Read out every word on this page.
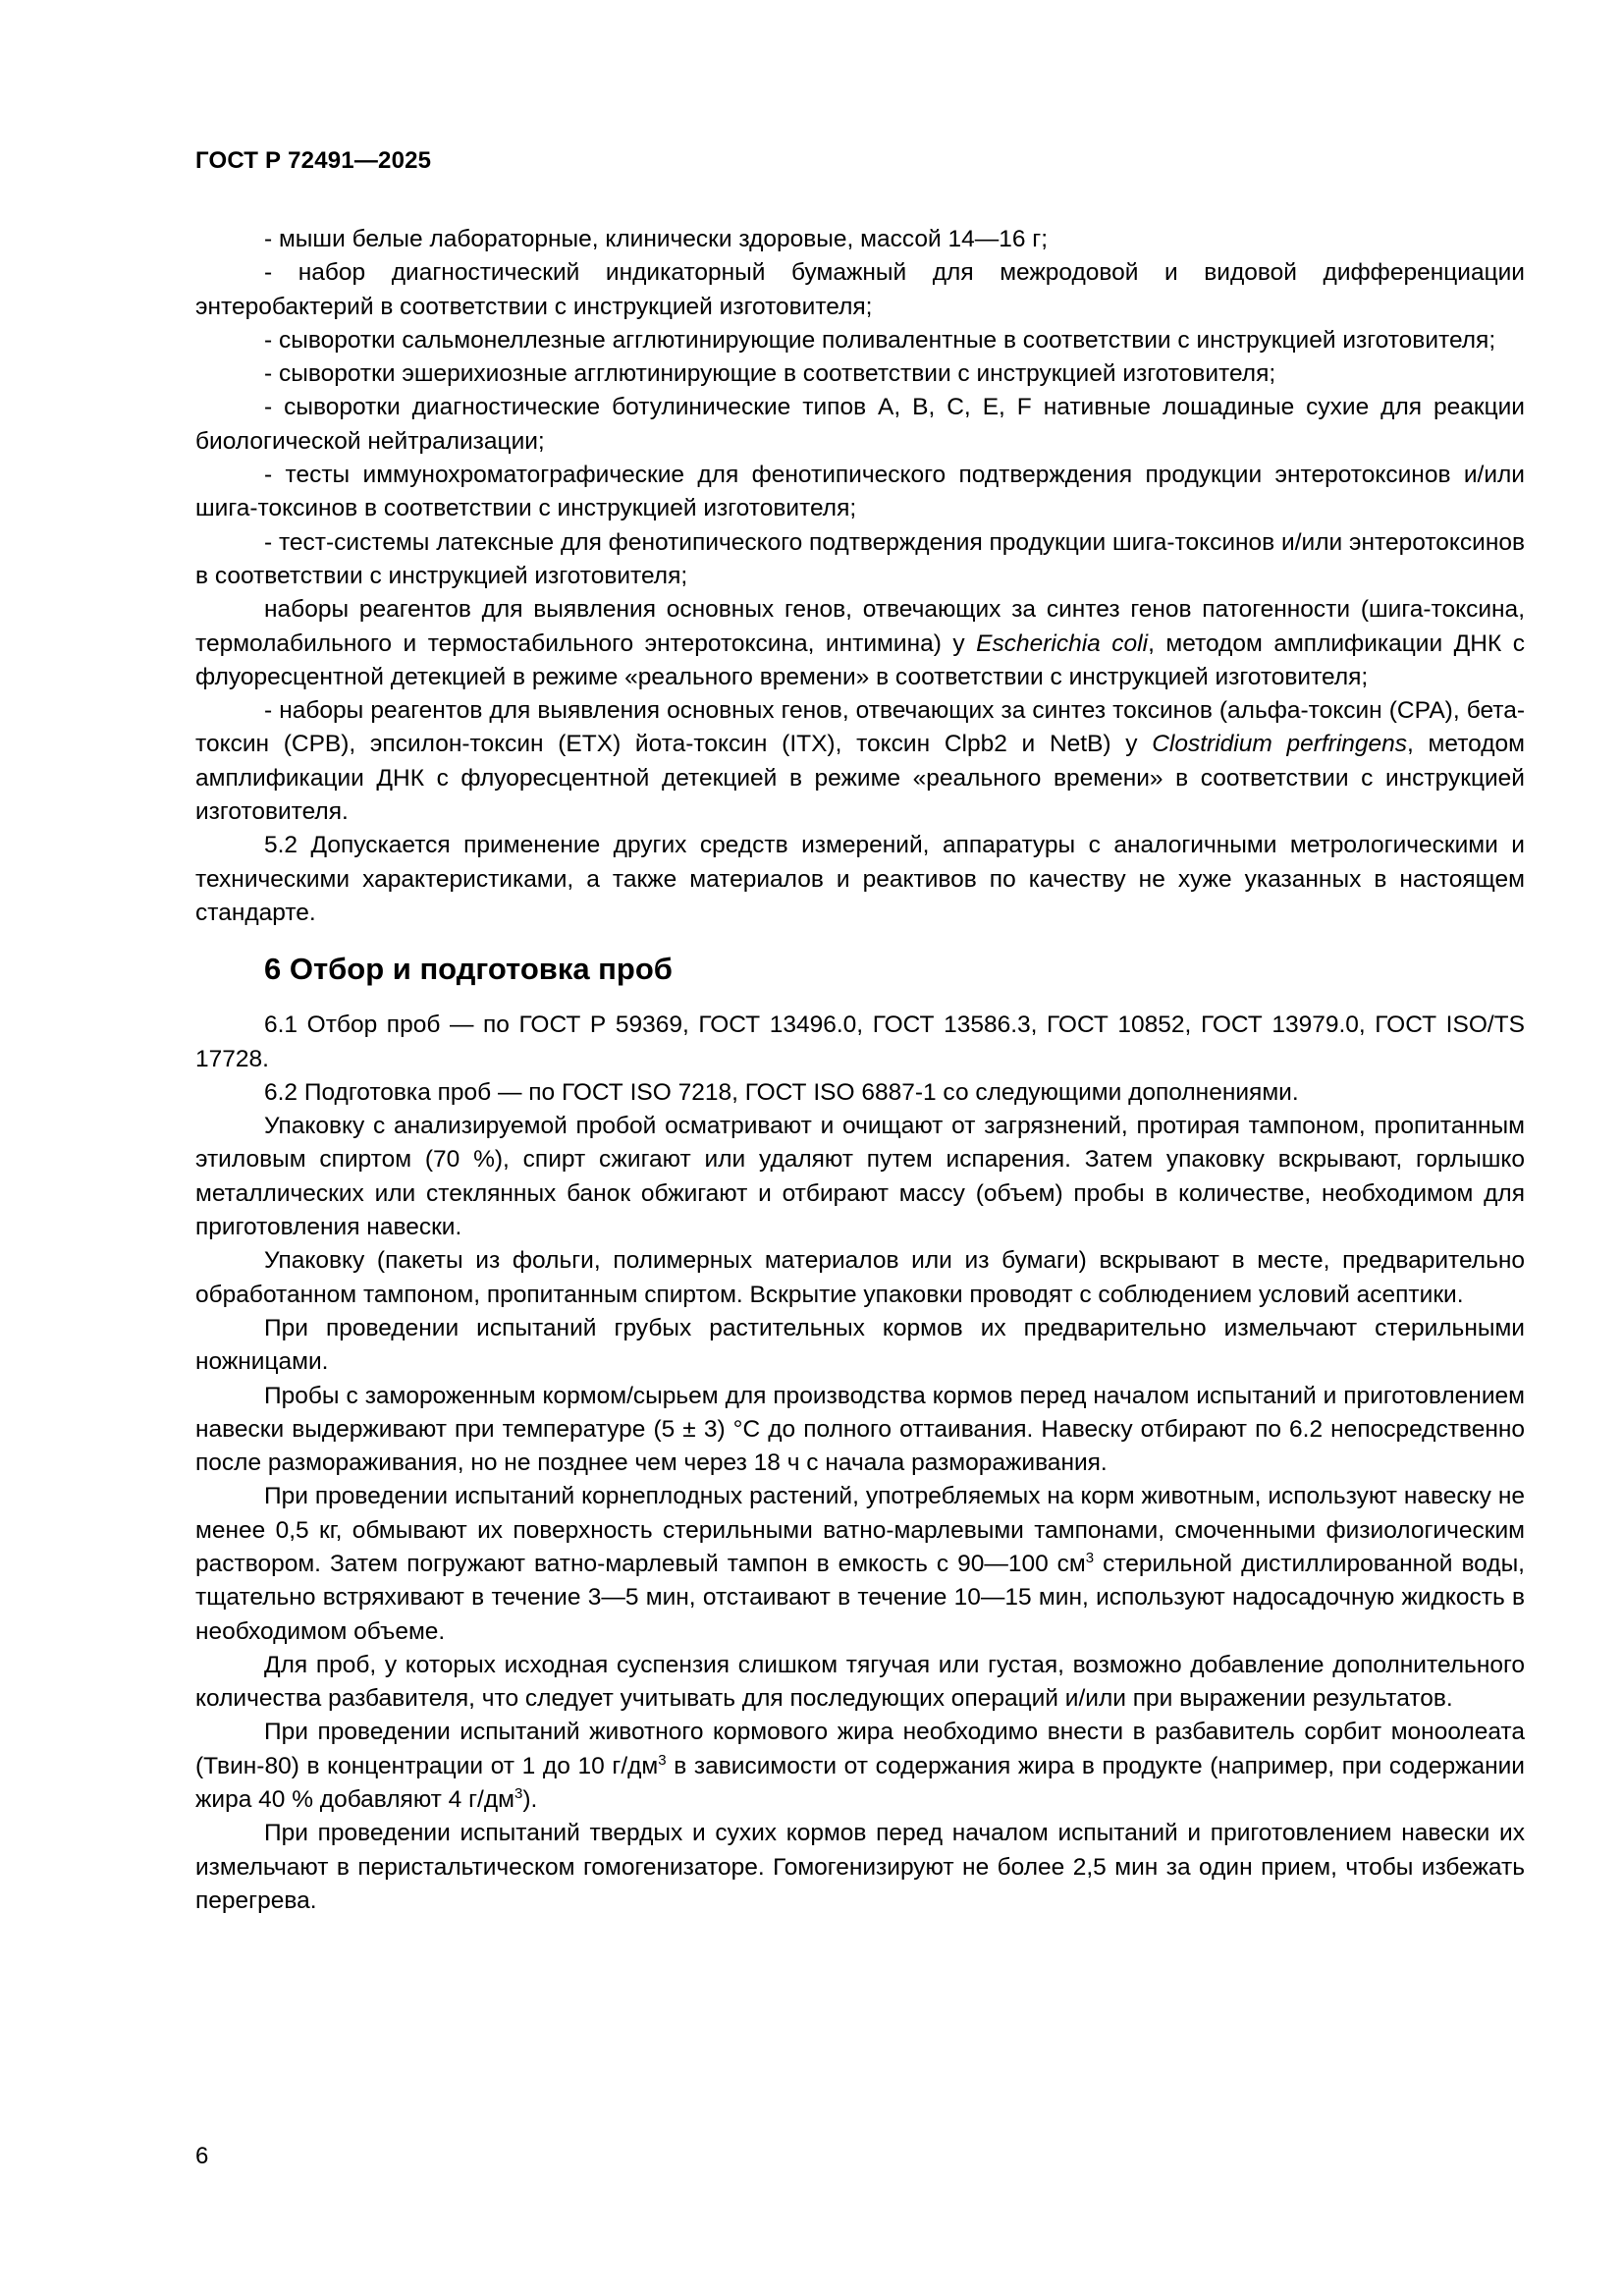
ГОСТ Р 72491—2025

- мыши белые лабораторные, клинически здоровые, массой 14—16 г;

- набор диагностический индикаторный бумажный для межродовой и видовой дифференциации энтеробактерий в соответствии с инструкцией изготовителя;

- сыворотки сальмонеллезные агглютинирующие поливалентные в соответствии с инструкцией изготовителя;

- сыворотки эшерихиозные агглютинирующие в соответствии с инструкцией изготовителя;

- сыворотки диагностические ботулинические типов А, В, С, Е, F нативные лошадиные сухие для реакции биологической нейтрализации;

- тесты иммунохроматографические для фенотипического подтверждения продукции энтеротоксинов и/или шига-токсинов в соответствии с инструкцией изготовителя;

- тест-системы латексные для фенотипического подтверждения продукции шига-токсинов и/или энтеротоксинов в соответствии с инструкцией изготовителя;

наборы реагентов для выявления основных генов, отвечающих за синтез генов патогенности (шига-токсина, термолабильного и термостабильного энтеротоксина, интимина) у Escherichia coli, методом амплификации ДНК с флуоресцентной детекцией в режиме «реального времени» в соответствии с инструкцией изготовителя;

- наборы реагентов для выявления основных генов, отвечающих за синтез токсинов (альфа-токсин (СРА), бета-токсин (СРВ), эпсилон-токсин (ЕТХ) йота-токсин (ITX), токсин Clpb2 и NetB) у Clostridium perfringens, методом амплификации ДНК с флуоресцентной детекцией в режиме «реального времени» в соответствии с инструкцией изготовителя.

5.2 Допускается применение других средств измерений, аппаратуры с аналогичными метрологическими и техническими характеристиками, а также материалов и реактивов по качеству не хуже указанных в настоящем стандарте.

6 Отбор и подготовка проб

6.1 Отбор проб — по ГОСТ Р 59369, ГОСТ 13496.0, ГОСТ 13586.3, ГОСТ 10852, ГОСТ 13979.0, ГОСТ ISO/TS 17728.

6.2 Подготовка проб — по ГОСТ ISO 7218, ГОСТ ISO 6887-1 со следующими дополнениями.

Упаковку с анализируемой пробой осматривают и очищают от загрязнений, протирая тампоном, пропитанным этиловым спиртом (70 %), спирт сжигают или удаляют путем испарения. Затем упаковку вскрывают, горлышко металлических или стеклянных банок обжигают и отбирают массу (объем) пробы в количестве, необходимом для приготовления навески.

Упаковку (пакеты из фольги, полимерных материалов или из бумаги) вскрывают в месте, предварительно обработанном тампоном, пропитанным спиртом. Вскрытие упаковки проводят с соблюдением условий асептики.

При проведении испытаний грубых растительных кормов их предварительно измельчают стерильными ножницами.

Пробы с замороженным кормом/сырьем для производства кормов перед началом испытаний и приготовлением навески выдерживают при температуре (5 ± 3) °С до полного оттаивания. Навеску отбирают по 6.2 непосредственно после размораживания, но не позднее чем через 18 ч с начала размораживания.

При проведении испытаний корнеплодных растений, употребляемых на корм животным, используют навеску не менее 0,5 кг, обмывают их поверхность стерильными ватно-марлевыми тампонами, смоченными физиологическим раствором. Затем погружают ватно-марлевый тампон в емкость с 90—100 $см^3$ стерильной дистиллированной воды, тщательно встряхивают в течение 3—5 мин, отстаивают в течение 10—15 мин, используют надосадочную жидкость в необходимом объеме.

Для проб, у которых исходная суспензия слишком тягучая или густая, возможно добавление дополнительного количества разбавителя, что следует учитывать для последующих операций и/или при выражении результатов.

При проведении испытаний животного кормового жира необходимо внести в разбавитель сорбит моноолеата (Твин-80) в концентрации от 1 до 10 $г/дм^3$ в зависимости от содержания жира в продукте (например, при содержании жира 40 % добавляют 4 $г/дм^3$).

При проведении испытаний твердых и сухих кормов перед началом испытаний и приготовлением навески их измельчают в перистальтическом гомогенизаторе. Гомогенизируют не более 2,5 мин за один прием, чтобы избежать перегрева.

6
